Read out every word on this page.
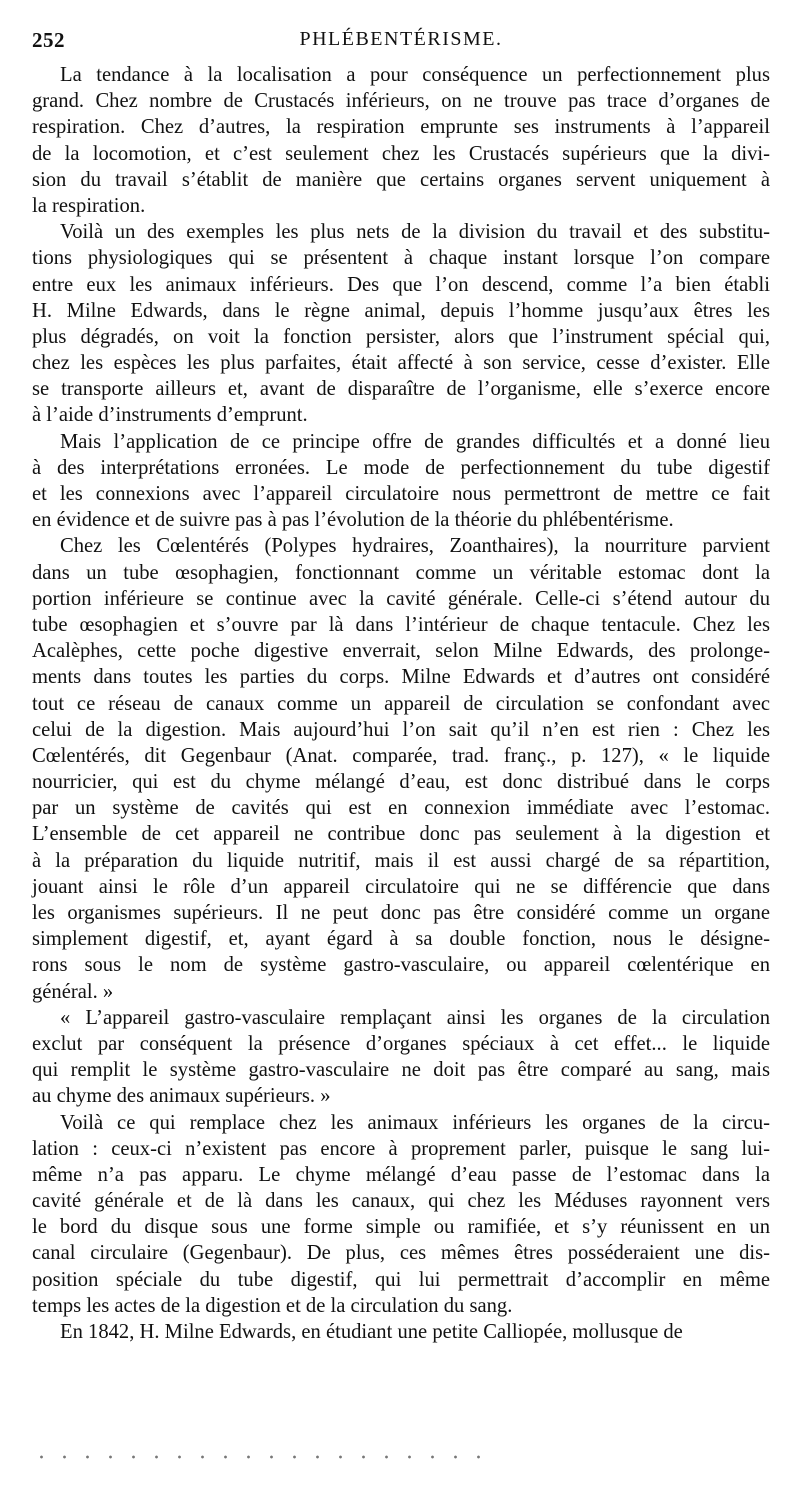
252	PHLÉBENTÉRISME.
La tendance à la localisation a pour conséquence un perfectionnement plus
grand. Chez nombre de Crustacés inférieurs, on ne trouve pas trace d’organes de
respiration. Chez d’autres, la respiration emprunte ses instruments à l’appareil
de la locomotion, et c’est seulement chez les Crustacés supérieurs que la divi-
sion du travail s’établit de manière que certains organes servent uniquement à
la respiration.
Voilà un des exemples les plus nets de la division du travail et des substitu-
tions physiologiques qui se présentent à chaque instant lorsque l’on compare
entre eux les animaux inférieurs. Des que l’on descend, comme l’a bien établi
H. Milne Edwards, dans le règne animal, depuis l’homme jusqu’aux êtres les
plus dégradés, on voit la fonction persister, alors que l’instrument spécial qui,
chez les espèces les plus parfaites, était affecté à son service, cesse d’exister. Elle
se transporte ailleurs et, avant de disparaître de l’organisme, elle s’exerce encore
à l’aide d’instruments d’emprunt.
Mais l’application de ce principe offre de grandes difficultés et a donné lieu
à des interprétations erronées. Le mode de perfectionnement du tube digestif
et les connexions avec l’appareil circulatoire nous permettront de mettre ce fait
en évidence et de suivre pas à pas l’évolution de la théorie du phlébentérisme.
Chez les Cœlentérés (Polypes hydraires, Zoanthaires), la nourriture parvient
dans un tube œsophagien, fonctionnant comme un véritable estomac dont la
portion inférieure se continue avec la cavité générale. Celle-ci s’étend autour du
tube œsophagien et s’ouvre par là dans l’intérieur de chaque tentacule. Chez les
Acalèphes, cette poche digestive enverrait, selon Milne Edwards, des prolonge-
ments dans toutes les parties du corps. Milne Edwards et d’autres ont considéré
tout ce réseau de canaux comme un appareil de circulation se confondant avec
celui de la digestion. Mais aujourd’hui l’on sait qu’il n’en est rien : Chez les
Cœlentérés, dit Gegenbaur (Anat. comparée, trad. franç., p. 127), « le liquide
nourricier, qui est du chyme mélangé d’eau, est donc distribué dans le corps
par un système de cavités qui est en connexion immédiate avec l’estomac.
L’ensemble de cet appareil ne contribue donc pas seulement à la digestion et
à la préparation du liquide nutritif, mais il est aussi chargé de sa répartition,
jouant ainsi le rôle d’un appareil circulatoire qui ne se différencie que dans
les organismes supérieurs. Il ne peut donc pas être considéré comme un organe
simplement digestif, et, ayant égard à sa double fonction, nous le désigne-
rons sous le nom de système gastro-vasculaire, ou appareil cœlentérique en
général. »
« L’appareil gastro-vasculaire remplaçant ainsi les organes de la circulation
exclut par conséquent la présence d’organes spéciaux à cet effet... le liquide
qui remplit le système gastro-vasculaire ne doit pas être comparé au sang, mais
au chyme des animaux supérieurs. »
Voilà ce qui remplace chez les animaux inférieurs les organes de la circu-
lation : ceux-ci n’existent pas encore à proprement parler, puisque le sang lui-
même n’a pas apparu. Le chyme mélangé d’eau passe de l’estomac dans la
cavité générale et de là dans les canaux, qui chez les Méduses rayonnent vers
le bord du disque sous une forme simple ou ramifiée, et s’y réunissent en un
canal circulaire (Gegenbaur). De plus, ces mêmes êtres posséderaient une dis-
position spéciale du tube digestif, qui lui permettrait d’accomplir en même
temps les actes de la digestion et de la circulation du sang.
En 1842, H. Milne Edwards, en étudiant une petite Calliopée, mollusque de
